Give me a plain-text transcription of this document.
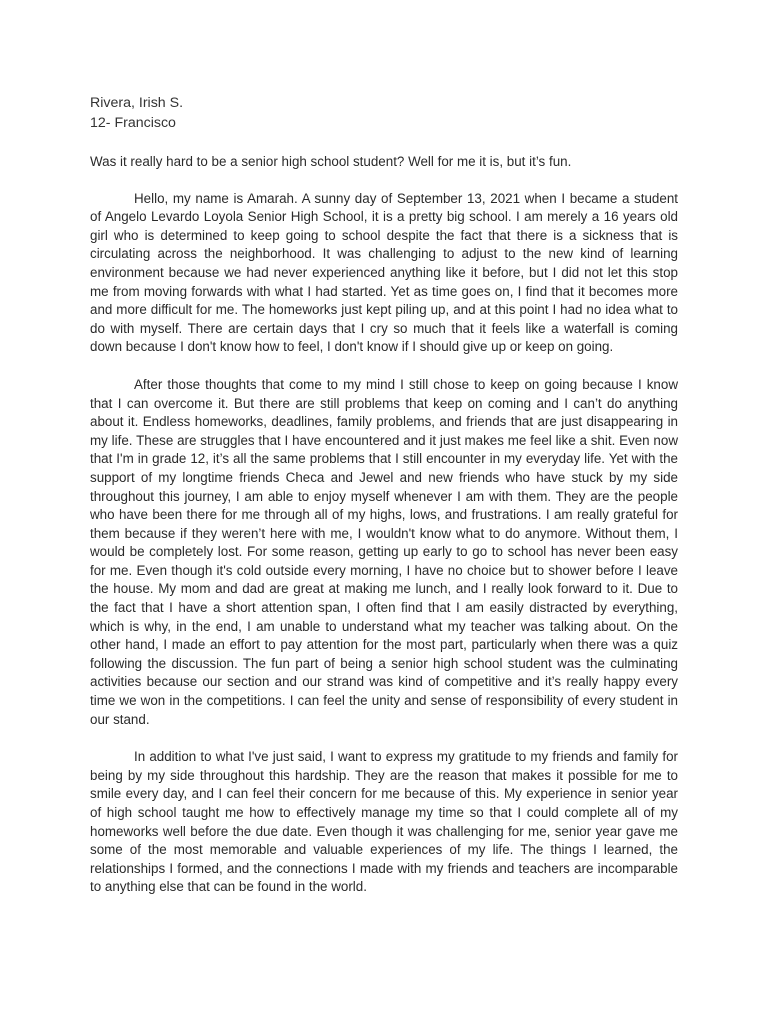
Rivera, Irish S.
12- Francisco
Was it really hard to be a senior high school student? Well for me it is, but it’s fun.

Hello, my name is Amarah. A sunny day of September 13, 2021 when I became a student of Angelo Levardo Loyola Senior High School, it is a pretty big school. I am merely a 16 years old girl who is determined to keep going to school despite the fact that there is a sickness that is circulating across the neighborhood. It was challenging to adjust to the new kind of learning environment because we had never experienced anything like it before, but I did not let this stop me from moving forwards with what I had started. Yet as time goes on, I find that it becomes more and more difficult for me. The homeworks just kept piling up, and at this point I had no idea what to do with myself. There are certain days that I cry so much that it feels like a waterfall is coming down because I don't know how to feel, I don't know if I should give up or keep on going.

After those thoughts that come to my mind I still chose to keep on going because I know that I can overcome it. But there are still problems that keep on coming and I can’t do anything about it. Endless homeworks, deadlines, family problems, and friends that are just disappearing in my life. These are struggles that I have encountered and it just makes me feel like a shit. Even now that I'm in grade 12, it’s all the same problems that I still encounter in my everyday life. Yet with the support of my longtime friends Checa and Jewel and new friends who have stuck by my side throughout this journey, I am able to enjoy myself whenever I am with them. They are the people who have been there for me through all of my highs, lows, and frustrations. I am really grateful for them because if they weren’t here with me, I wouldn't know what to do anymore. Without them, I would be completely lost. For some reason, getting up early to go to school has never been easy for me. Even though it's cold outside every morning, I have no choice but to shower before I leave the house. My mom and dad are great at making me lunch, and I really look forward to it. Due to the fact that I have a short attention span, I often find that I am easily distracted by everything, which is why, in the end, I am unable to understand what my teacher was talking about. On the other hand, I made an effort to pay attention for the most part, particularly when there was a quiz following the discussion. The fun part of being a senior high school student was the culminating activities because our section and our strand was kind of competitive and it’s really happy every time we won in the competitions. I can feel the unity and sense of responsibility of every student in our stand.

In addition to what I've just said, I want to express my gratitude to my friends and family for being by my side throughout this hardship. They are the reason that makes it possible for me to smile every day, and I can feel their concern for me because of this. My experience in senior year of high school taught me how to effectively manage my time so that I could complete all of my homeworks well before the due date. Even though it was challenging for me, senior year gave me some of the most memorable and valuable experiences of my life. The things I learned, the relationships I formed, and the connections I made with my friends and teachers are incomparable to anything else that can be found in the world.
